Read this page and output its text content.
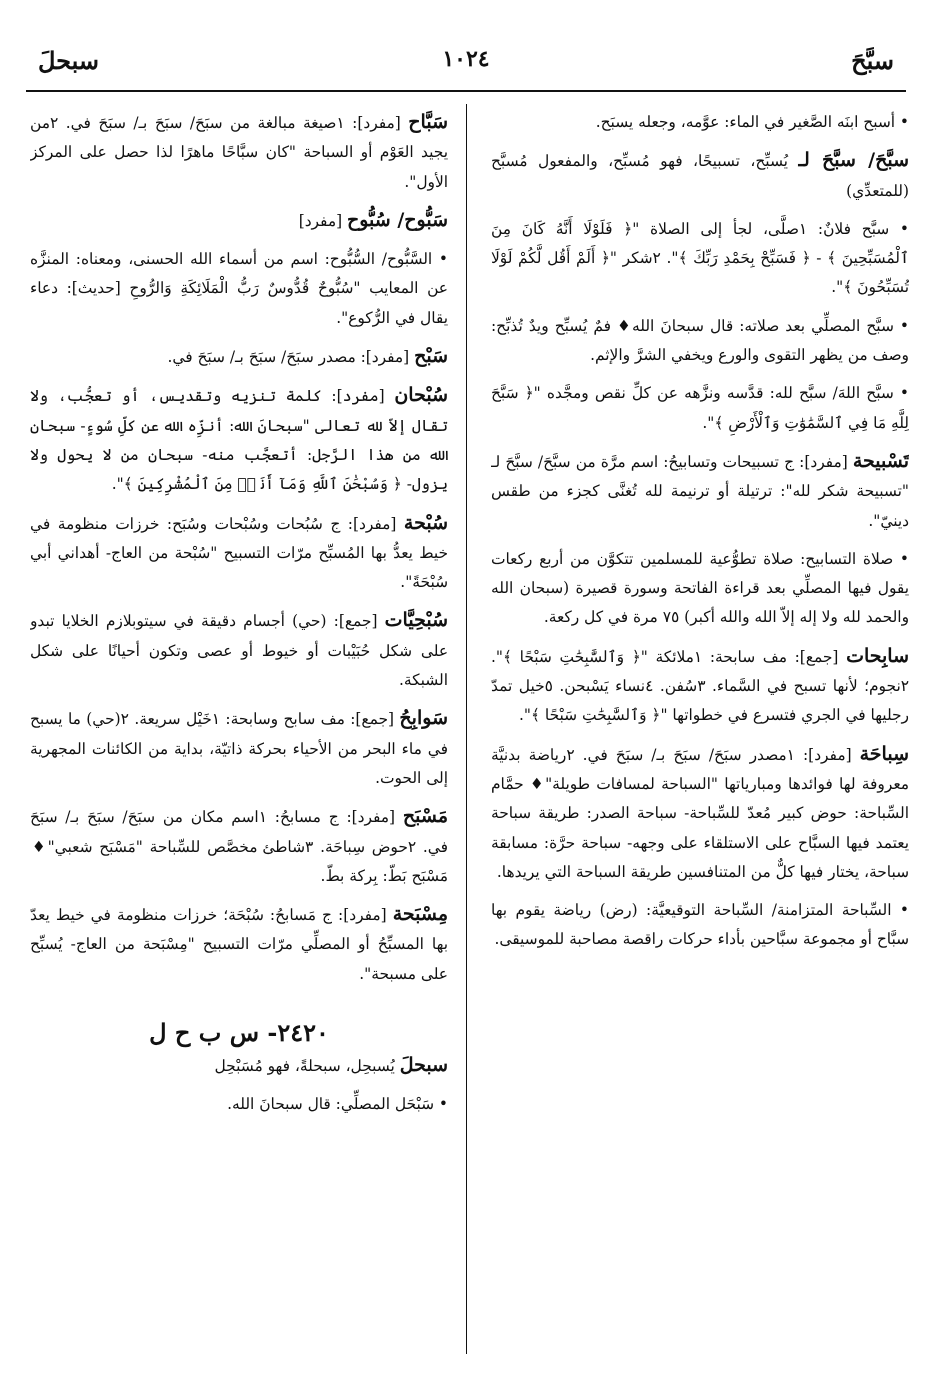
سبَّحَ
١٠٢٤
سبحلَ

• أسبح ابنَه الصَّغير في الماء: عوَّمه، وجعله يسبَح.

سبَّحَ/ سبَّحَ لـ يُسبِّح، تسبيحًا، فهو مُسبِّح، والمفعول مُسبَّح (للمتعدِّي)

• سبَّح فلانٌ: ١صلَّى، لجأ إلى الصلاة "﴿ فَلَوْلَا أَنَّهُ كَانَ مِنَ ٱلْمُسَبِّحِينَ ﴾ - ﴿ فَسَبِّحْ بِحَمْدِ رَبِّكَ ﴾". ٢شكر "﴿ أَلَمْ أَقُل لَّكُمْ لَوْلَا تُسَبِّحُونَ ﴾".

• سبَّح المصلِّي بعد صلاته: قال سبحانَ الله♦ فمٌ يُسبِّح ويدٌ تُذبِّح: وصف من يظهر التقوى والورع ويخفي الشرَّ والإثم.

• سبَّح اللهَ/ سبَّح لله: قدَّسه ونزَّهه عن كلِّ نقص ومجَّده "﴿ سَبَّحَ لِلَّهِ مَا فِي ٱلسَّمَٰوَٰتِ وَٱلْأَرْضِ ﴾".

تَسْبيحة [مفرد]: ج تسبيحات وتسابيحُ: اسم مرَّة من سبَّحَ/ سبَّحَ لـ "تسبيحة شكر لله": ترتيلة أو ترنيمة لله تُغنَّى كجزء من طقس دينيّ".

• صلاة التسابيح: صلاة تطوُّعية للمسلمين تتكوَّن من أربع ركعات يقول فيها المصلِّي بعد قراءة الفاتحة وسورة قصيرة (سبحان الله والحمد لله ولا إله إلاّ الله والله أكبر) ٧٥ مرة في كل ركعة.

سابِحات [جمع]: مف سابحة: ١ملائكة "﴿ وَٱلسَّٰبِحَٰتِ سَبْحًا ﴾". ٢نجوم؛ لأنها تسبح في السَّماء. ٣سُفن. ٤نساء يَسْبحن. ٥خيل تمدّ رجليها في الجري فتسرع في خطواتها "﴿ وَٱلسَّٰبِحَٰتِ سَبْحًا ﴾".

سِباحَة [مفرد]: ١مصدر سبَحَ/ سبَحَ بـ/ سبَحَ في. ٢رياضة بدنيَّة معروفة لها فوائدها ومبارياتها "السباحة لمسافات طويلة"♦ حمَّام السِّباحة: حوض كبير مُعدّ للسِّباحة- سباحة الصدر: طريقة سباحة يعتمد فيها السبَّاح على الاستلقاء على وجهه- سباحة حرَّة: مسابقة سباحة، يختار فيها كلٌّ من المتنافسين طريقة السباحة التي يريدها.

• السِّباحة المتزامنة/ السِّباحة التوقيعيَّة: (رض) رياضة يقوم بها سبَّاح أو مجموعة سبَّاحين بأداء حركات راقصة مصاحبة للموسيقى.

سَبَّاح [مفرد]: ١صيغة مبالغة من سبَحَ/ سبَحَ بـ/ سبَحَ في. ٢من يجيد العَوْم أو السباحة "كان سبَّاحًا ماهرًا لذا حصل على المركز الأول".

سَبُّوح/ سُبُّوح [مفرد]

• السَّبُّوح/ السُّبُّوح: اسم من أسماء الله الحسنى، ومعناه: المنزَّه عن المعايب "سُبُّوحٌ قُدُّوسٌ رَبُّ الْمَلَائِكَةِ وَالرُّوحِ [حديث]: دعاء يقال في الرُّكوع".

سَبْح [مفرد]: مصدر سبَحَ/ سبَحَ بـ/ سبَحَ في.

سُبْحان [مفرد]: كلمة تنزيه وتقديس، أو تعجُّب، ولا تقال إلاّ لله تعالى "سبحانَ الله: أنزِّه الله عن كلِّ سُوءٍ- سبحان الله من هذا الرَّجل: أتعجَّب منه- سبحان من لا يحول ولا يزول- ﴿ وَسُبْحَٰنَ ٱللَّهِ وَمَآ أَنَا۠ مِنَ ٱلْمُشْرِكِينَ ﴾".

سُبْحة [مفرد]: ج سُبُحات وسُبْحات وسُبَح: خرزات منظومة في خيط يعدُّ بها المُسبِّح مرّات التسبيح "سُبْحة من العاج- أهداني أبي سُبْحَةً".

سُبْحِيَّات [جمع]: (حي) أجسام دقيقة في سيتوبلازم الخلايا تبدو على شكل حُبَيْبات أو خيوط أو عصى وتكون أحيانًا على شكل الشبكة.

سَوابِحُ [جمع]: مف سابح وسابحة: ١خَيْل سريعة. ٢(حي) ما يسبح في ماء البحر من الأحياء بحركة ذاتيّة، بداية من الكائنات المجهرية إلى الحوت.

مَسْبَح [مفرد]: ج مسابحُ: ١اسم مكان من سبَحَ/ سبَحَ بـ/ سبَحَ في. ٢حوض سِباحَة. ٣شاطئ مخصَّص للسِّباحة "مَسْبَح شعبي"♦ مَسْبَح بَطّ: بِركة بطّ.

مِسْبَحة [مفرد]: ج مَسابحُ: سُبْحَة؛ خرزات منظومة في خيط يعدّ بها المسبِّحُ أو المصلِّي مرّات التسبيح "مِسْبَحة من العاج- يُسبِّح على مسبحة".

٢٤٢٠- س ب ح ل

سبحلَ يُسبحِل، سبحلةً، فهو مُسَبْحِل

• سَبْحَل المصلِّي: قال سبحانَ الله.
